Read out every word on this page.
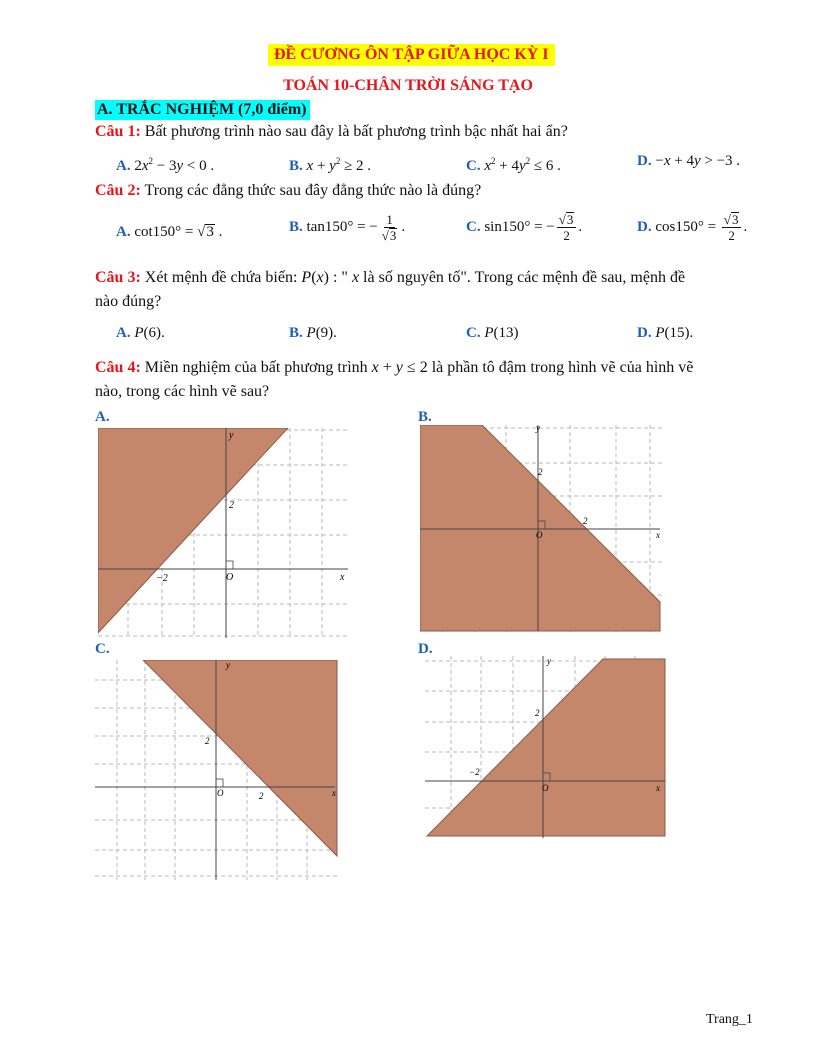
ĐỀ CƯƠNG ÔN TẬP GIỮA HỌC KỲ I
TOÁN 10-CHÂN TRỜI SÁNG TẠO
A. TRẮC NGHIỆM (7,0 điểm)
Câu 1: Bất phương trình nào sau đây là bất phương trình bậc nhất hai ẩn?
A. $2x^2 - 3y < 0$ .	B. $x + y^2 \ge 2$ .	C. $x^2 + 4y^2 \le 6$ .	D. −x + 4y > −3 .
Câu 2: Trong các đẳng thức sau đây đẳng thức nào là đúng?
A. cot150° = √3 .	B. tan150° = − $\frac{1}{√3}$ .	C. sin150° = − $\frac{√3}{2}$ .	D. $\cos 150^\circ = \frac{√3}{2}$ .
Câu 3: Xét mệnh đề chứa biến: P(x) : " x là số nguyên tố". Trong các mệnh đề sau, mệnh đề
nào đúng?
A. P(6).	B. P(9).	C. P(13)	D. P(15).
Câu 4: Miền nghiệm của bất phương trình x + y ≤ 2 là phần tô đậm trong hình vẽ của hình vẽ
nào, trong các hình vẽ sau?
A.	B.
C.	D.
y
x
2
−2	O
y
x
2
2
O
y
x
2
2
O
y
x
2
−2
O
Trang_1
